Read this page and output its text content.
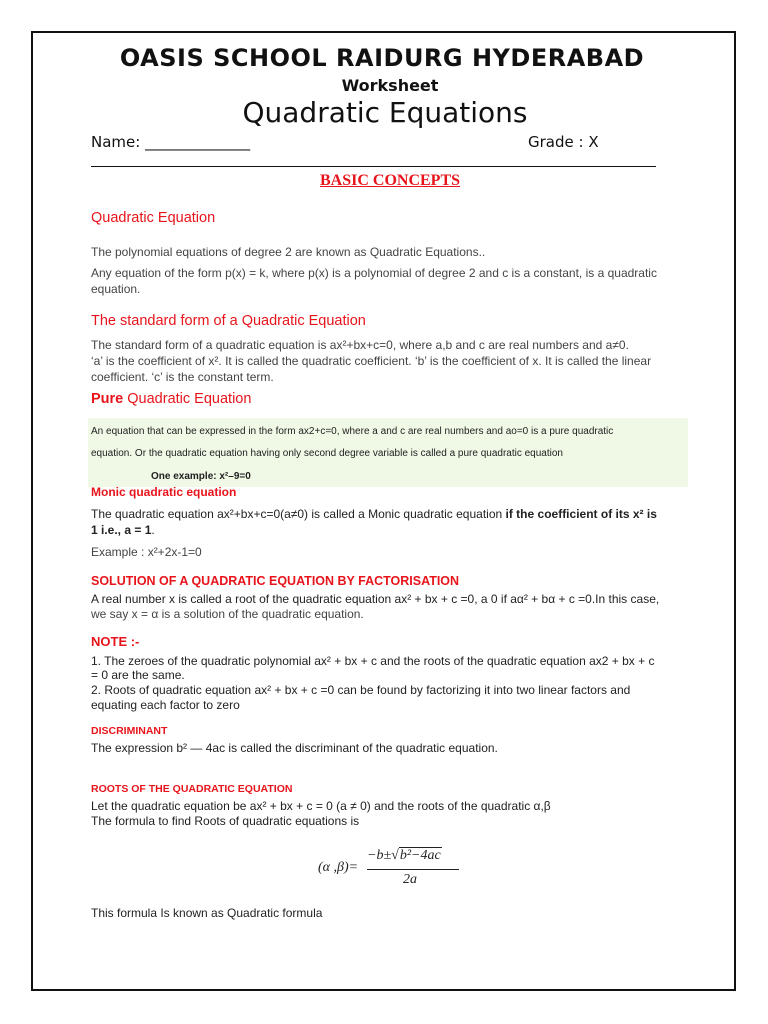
OASIS SCHOOL RAIDURG HYDERABAD
Worksheet
Quadratic Equations
Name: ______________	Grade : X
BASIC CONCEPTS
Quadratic Equation
The polynomial equations of degree 2 are known as Quadratic Equations..
Any equation of the form p(x) = k, where p(x) is a polynomial of degree 2 and c is a constant, is a quadratic
equation.
The standard form of a Quadratic Equation
The standard form of a quadratic equation is ax²+bx+c=0, where a,b and c are real numbers and a≠0.
‘a’ is the coefficient of x². It is called the quadratic coefficient. ‘b’ is the coefficient of x. It is called the linear
coefficient. ‘c’ is the constant term.
Pure Quadratic Equation
An equation that can be expressed in the form ax2+c=0, where a and c are real numbers and ao=0 is a pure quadratic
equation. Or the quadratic equation having only second degree variable is called a pure quadratic equation
One example: x²–9=0
Monic quadratic equation
The quadratic equation ax²+bx+c=0(a≠0) is called a Monic quadratic equation if the coefficient of its x² is
1 i.e., a = 1.
Example : x²+2x-1=0
SOLUTION OF A QUADRATIC EQUATION BY FACTORISATION
A real number x is called a root of the quadratic equation ax² + bx + c =0, a 0 if aα² + bα + c =0.In this case,
we say x = α is a solution of the quadratic equation.
NOTE :-
1. The zeroes of the quadratic polynomial ax² + bx + c and the roots of the quadratic equation ax2 + bx + c
= 0 are the same.
2. Roots of quadratic equation ax² + bx + c =0 can be found by factorizing it into two linear factors and
equating each factor to zero
DISCRIMINANT
The expression b² — 4ac is called the discriminant of the quadratic equation.
ROOTS OF THE QUADRATIC EQUATION
Let the quadratic equation be ax² + bx + c = 0 (a ≠ 0) and the roots of the quadratic α,β
The formula to find Roots of quadratic equations is
(α ,β)=
−b±√b²−4ac
2a
This formula Is known as Quadratic formula
